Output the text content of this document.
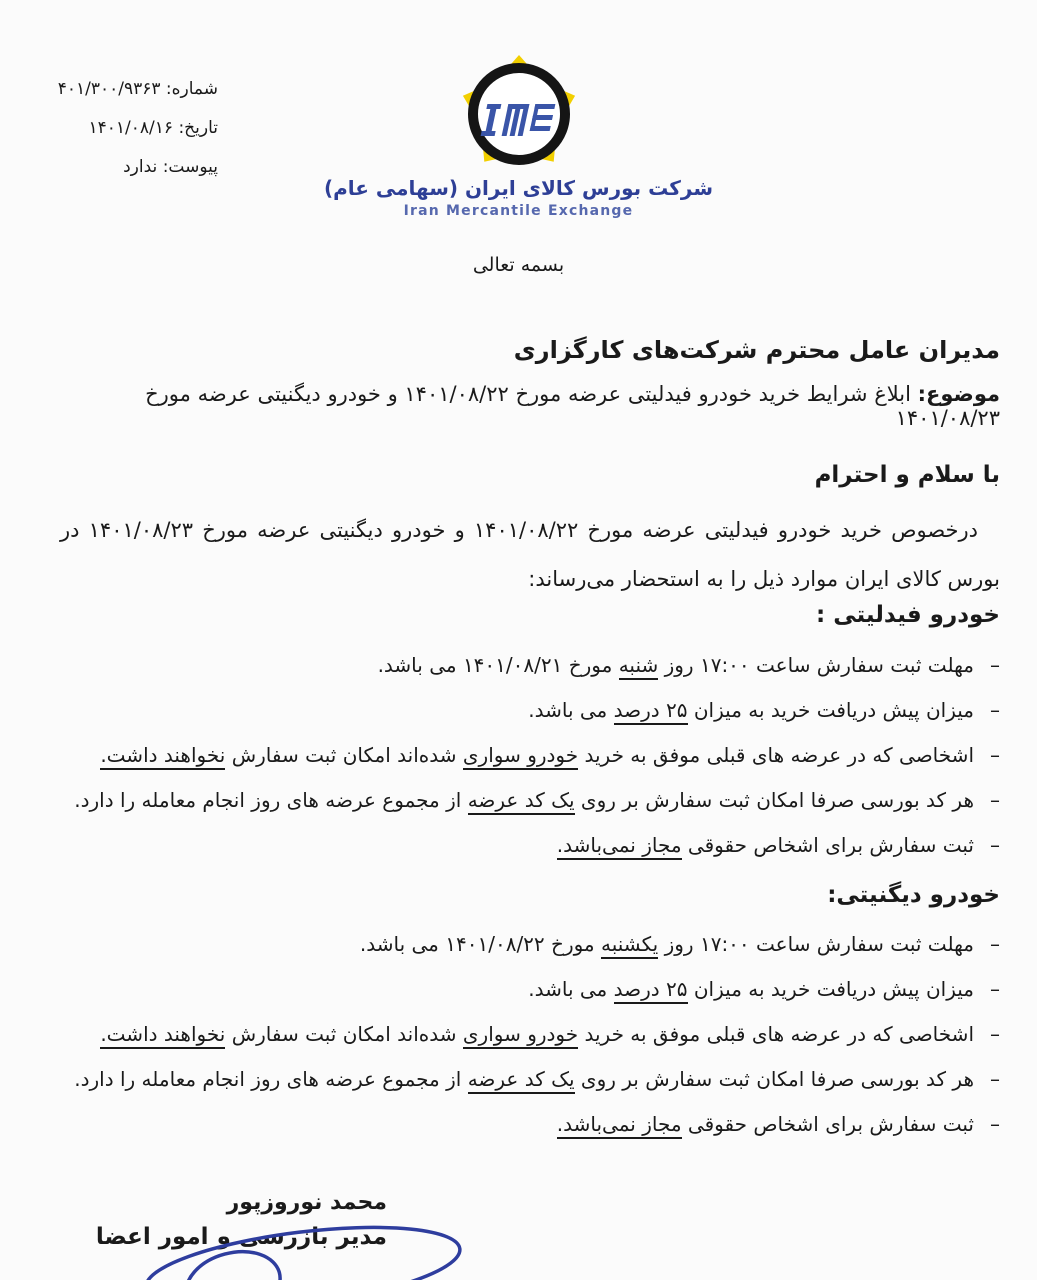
شماره: ۴۰۱/۳۰۰/۹۳۶۳
تاریخ: ۱۴۰۱/۰۸/۱۶
پیوست: ندارد
شرکت بورس کالای ایران (سهامی عام)
Iran Mercantile Exchange
بسمه تعالی
مدیران عامل محترم شرکت‌های کارگزاری
موضوع: ابلاغ شرایط خرید خودرو فیدلیتی عرضه مورخ ۱۴۰۱/۰۸/۲۲ و خودرو دیگنیتی عرضه مورخ ۱۴۰۱/۰۸/۲۳
با سلام و احترام
درخصوص خرید خودرو فیدلیتی عرضه مورخ ۱۴۰۱/۰۸/۲۲ و خودرو دیگنیتی عرضه مورخ ۱۴۰۱/۰۸/۲۳ در بورس کالای ایران موارد ذیل را به استحضار می‌رساند:
خودرو فیدلیتی :
–مهلت ثبت سفارش ساعت ۱۷:۰۰ روز شنبه مورخ ۱۴۰۱/۰۸/۲۱ می باشد.
–میزان پیش دریافت خرید به میزان ۲۵ درصد می باشد.
–اشخاصی که در عرضه های قبلی موفق به خرید خودرو سواری شده‌اند امکان ثبت سفارش نخواهند داشت.
–هر کد بورسی صرفا امکان ثبت سفارش بر روی یک کد عرضه از مجموع عرضه های روز انجام معامله را دارد.
–ثبت سفارش برای اشخاص حقوقی مجاز نمی‌باشد.
خودرو دیگنیتی:
–مهلت ثبت سفارش ساعت ۱۷:۰۰ روز یکشنبه مورخ ۱۴۰۱/۰۸/۲۲ می باشد.
–میزان پیش دریافت خرید به میزان ۲۵ درصد می باشد.
–اشخاصی که در عرضه های قبلی موفق به خرید خودرو سواری شده‌اند امکان ثبت سفارش نخواهند داشت.
–هر کد بورسی صرفا امکان ثبت سفارش بر روی یک کد عرضه از مجموع عرضه های روز انجام معامله را دارد.
–ثبت سفارش برای اشخاص حقوقی مجاز نمی‌باشد.
محمد نوروزپور
مدیر بازرسی و امور اعضا
